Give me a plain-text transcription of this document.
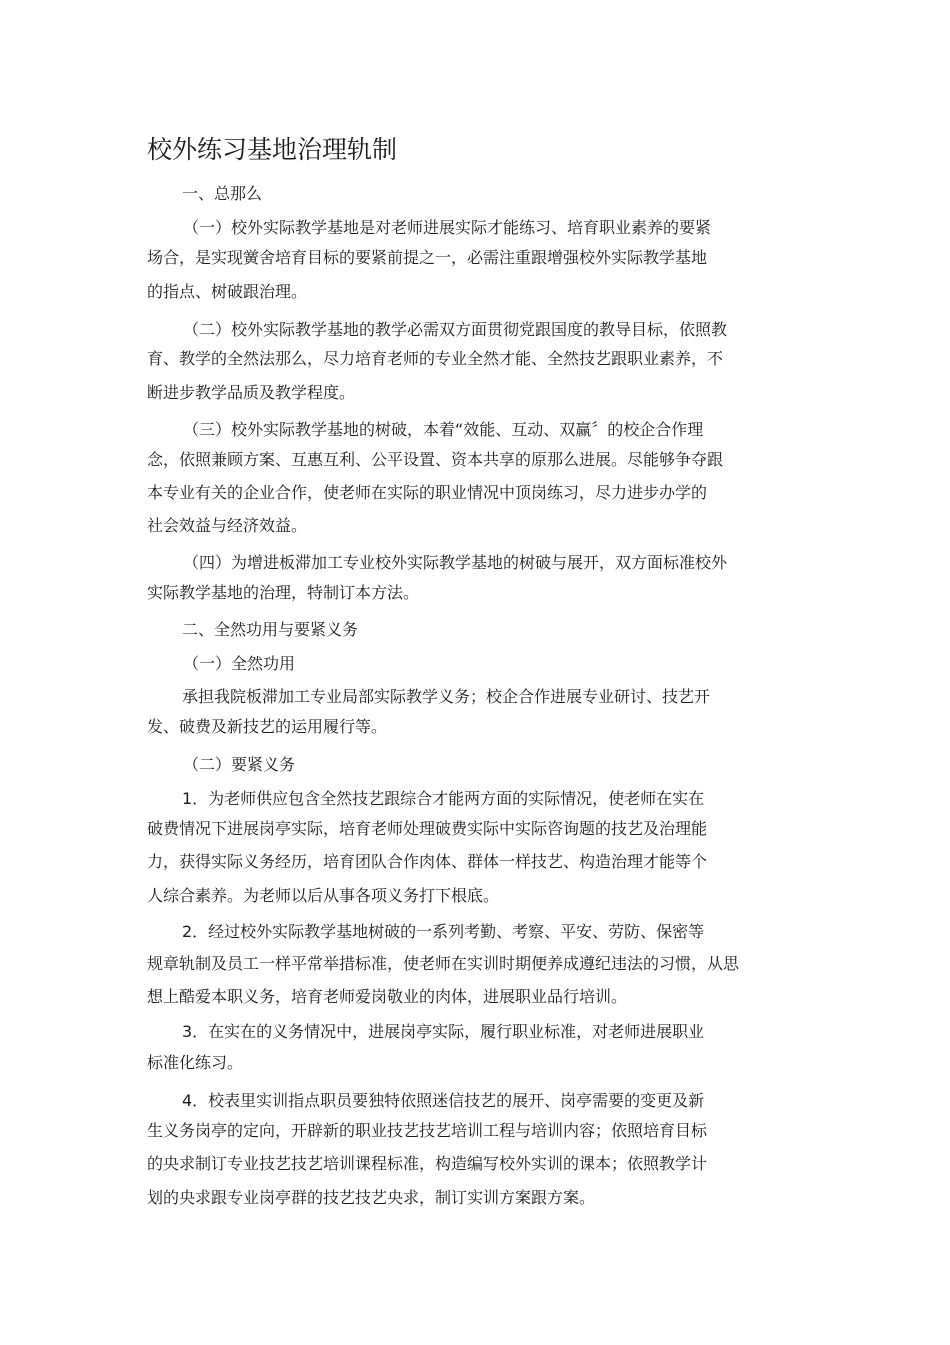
校外练习基地治理轨制
一、总那么
（一）校外实际教学基地是对老师进展实际才能练习、培育职业素养的要紧
场合，是实现黉舍培育目标的要紧前提之一，必需注重跟增强校外实际教学基地
的指点、树破跟治理。
（二）校外实际教学基地的教学必需双方面贯彻党跟国度的教导目标，依照教
育、教学的全然法那么，尽力培育老师的专业全然才能、全然技艺跟职业素养，不
断进步教学品质及教学程度。
（三）校外实际教学基地的树破，本着“效能、互动、双赢〞的校企合作理
念，依照兼顾方案、互惠互利、公平设置、资本共享的原那么进展。尽能够争夺跟
本专业有关的企业合作，使老师在实际的职业情况中顶岗练习，尽力进步办学的
社会效益与经济效益。
（四）为增进板滞加工专业校外实际教学基地的树破与展开，双方面标准校外
实际教学基地的治理，特制订本方法。
二、全然功用与要紧义务
（一）全然功用
承担我院板滞加工专业局部实际教学义务；校企合作进展专业研讨、技艺开
发、破费及新技艺的运用履行等。
（二）要紧义务
1．为老师供应包含全然技艺跟综合才能两方面的实际情况，使老师在实在
破费情况下进展岗亭实际，培育老师处理破费实际中实际咨询题的技艺及治理能
力，获得实际义务经历，培育团队合作肉体、群体一样技艺、构造治理才能等个
人综合素养。为老师以后从事各项义务打下根底。
2．经过校外实际教学基地树破的一系列考勤、考察、平安、劳防、保密等
规章轨制及员工一样平常举措标准，使老师在实训时期便养成遵纪违法的习惯，从思
想上酷爱本职义务，培育老师爱岗敬业的肉体，进展职业品行培训。
3．在实在的义务情况中，进展岗亭实际，履行职业标准，对老师进展职业
标准化练习。
4．校表里实训指点职员要独特依照迷信技艺的展开、岗亭需要的变更及新
生义务岗亭的定向，开辟新的职业技艺技艺培训工程与培训内容；依照培育目标
的央求制订专业技艺技艺培训课程标准，构造编写校外实训的课本；依照教学计
划的央求跟专业岗亭群的技艺技艺央求，制订实训方案跟方案。
